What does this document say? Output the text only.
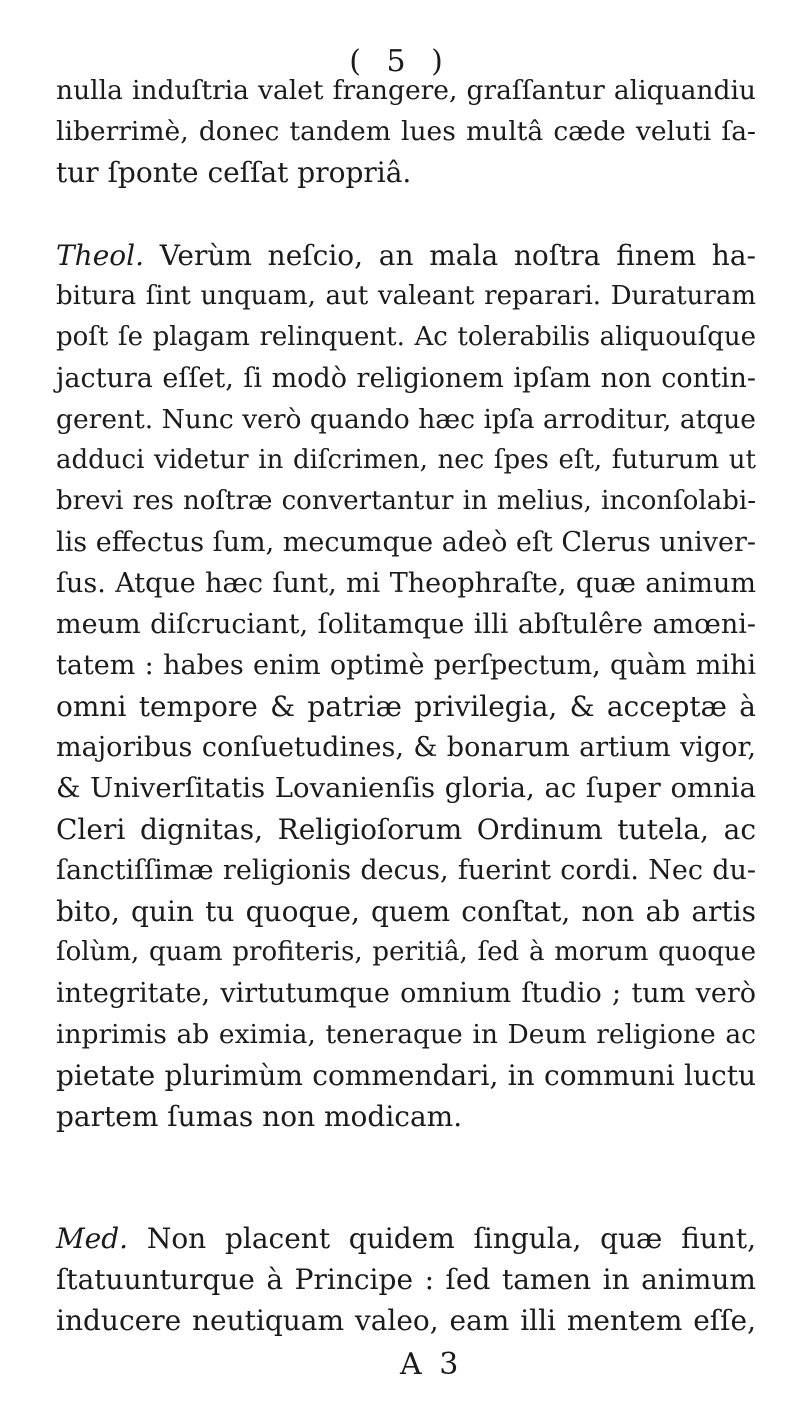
( 5 )
nulla induſtria valet frangere, graſſantur aliquandiu
liberrimè, donec tandem lues multâ cæde veluti ſa-
tur ſponte ceſſat propriâ.
Theol. Verùm neſcio, an mala noſtra finem ha-
bitura ſint unquam, aut valeant reparari. Duraturam
poſt ſe plagam relinquent. Ac tolerabilis aliquouſque
jactura eſſet, ſi modò religionem ipſam non contin-
gerent. Nunc verò quando hæc ipſa arroditur, atque
adduci videtur in diſcrimen, nec ſpes eſt, futurum ut
brevi res noſtræ convertantur in melius, inconſolabi-
lis effectus ſum, mecumque adeò eſt Clerus univer-
ſus. Atque hæc ſunt, mi Theophraſte, quæ animum
meum diſcruciant, ſolitamque illi abſtulêre amœni-
tatem : habes enim optimè perſpectum, quàm mihi
omni tempore & patriæ privilegia, & acceptæ à
majoribus conſuetudines, & bonarum artium vigor,
& Univerſitatis Lovanienſis gloria, ac ſuper omnia
Cleri dignitas, Religioſorum Ordinum tutela, ac
ſanctiſſimæ religionis decus, fuerint cordi. Nec du-
bito, quin tu quoque, quem conſtat, non ab artis
ſolùm, quam profiteris, peritiâ, ſed à morum quoque
integritate, virtutumque omnium ſtudio ; tum verò
inprimis ab eximia, teneraque in Deum religione ac
pietate plurimùm commendari, in communi luctu
partem ſumas non modicam.
Med. Non placent quidem ſingula, quæ fiunt,
ſtatuunturque à Principe : ſed tamen in animum
inducere neutiquam valeo, eam illi mentem eſſe,
A 3
